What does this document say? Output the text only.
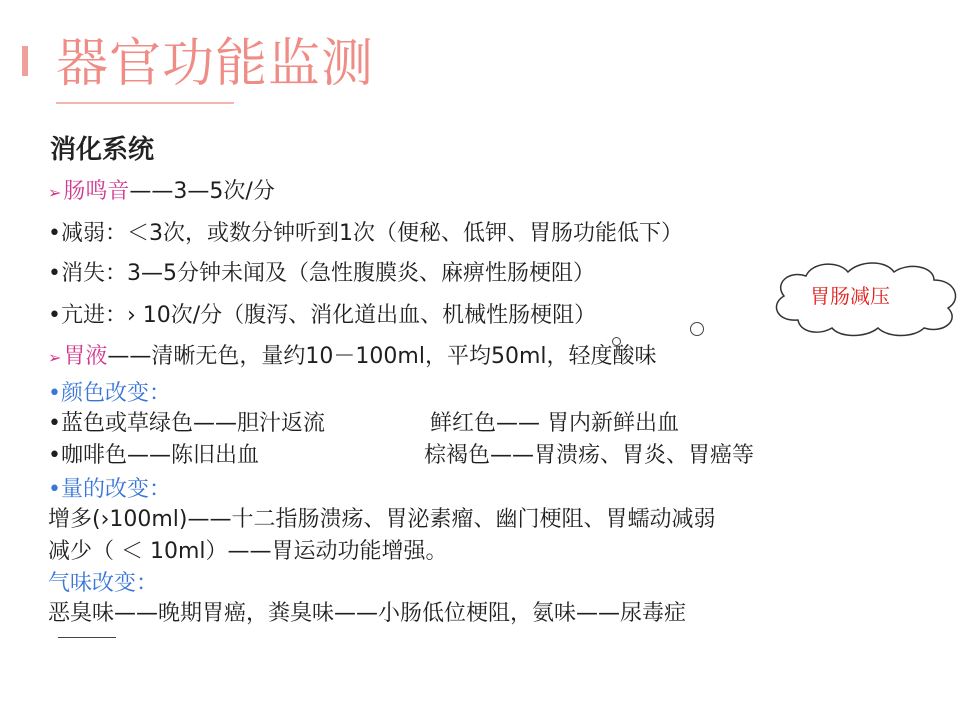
器官功能监测
消化系统
➢肠鸣音——3—5次/分
•减弱：＜3次，或数分钟听到1次（便秘、低钾、胃肠功能低下）
•消失：3—5分钟未闻及（急性腹膜炎、麻痹性肠梗阻）
•亢进：› 10次/分（腹泻、消化道出血、机械性肠梗阻）
➢胃液——清晰无色，量约10－100ml，平均50ml，轻度酸味
•颜色改变：
•蓝色或草绿色——胆汁返流	鲜红色—— 胃内新鲜出血
•咖啡色——陈旧出血	棕褐色——胃溃疡、胃炎、胃癌等
•量的改变：
增多(›100ml)——十二指肠溃疡、胃泌素瘤、幽门梗阻、胃蠕动减弱
减少（ ＜ 10ml）——胃运动功能增强。
气味改变：
恶臭味——晚期胃癌，粪臭味——小肠低位梗阻，氨味——尿毒症
胃肠减压
